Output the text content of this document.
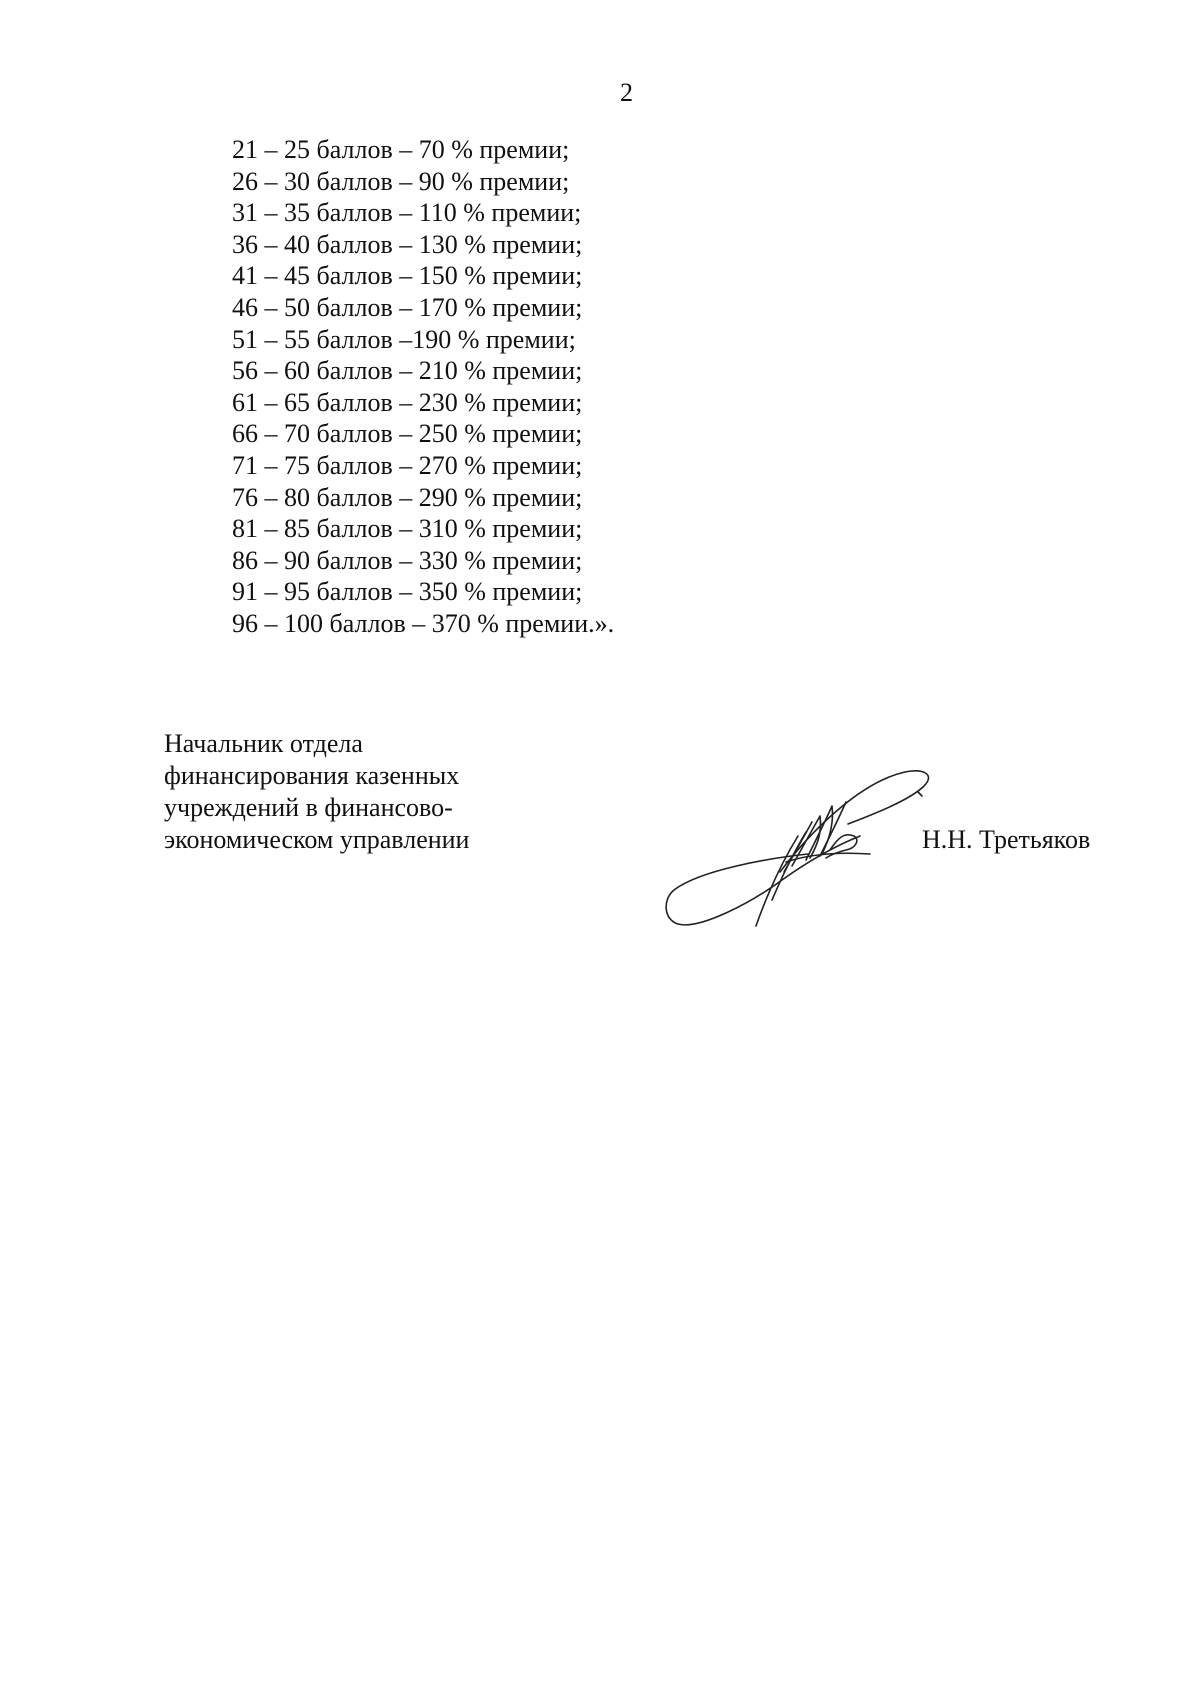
2
21 – 25 баллов – 70 % премии;
26 – 30 баллов – 90 % премии;
31 – 35 баллов – 110 % премии;
36 – 40 баллов – 130 % премии;
41 – 45 баллов – 150 % премии;
46 – 50 баллов – 170 % премии;
51 – 55 баллов –190 % премии;
56 – 60 баллов – 210 % премии;
61 – 65 баллов – 230 % премии;
66 – 70 баллов – 250 % премии;
71 – 75 баллов – 270 % премии;
76 – 80 баллов – 290 % премии;
81 – 85 баллов – 310 % премии;
86 – 90 баллов – 330 % премии;
91 – 95 баллов – 350 % премии;
96 – 100 баллов – 370 % премии.».
Начальник отдела
финансирования казенных
учреждений в финансово-
экономическом управлении	Н.Н. Третьяков
